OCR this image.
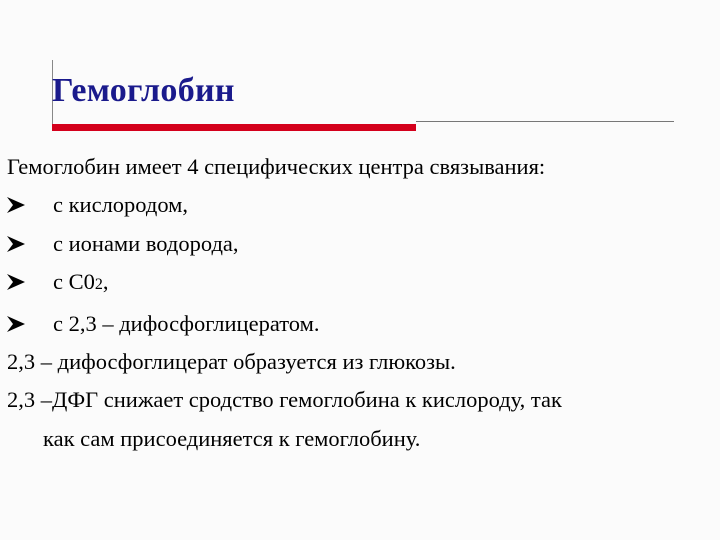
Гемоглобин
Гемоглобин имеет 4 специфических центра связывания:
с кислородом,
с ионами водорода,
с С02,
с 2,3 – дифосфоглицератом.
2,3 – дифосфоглицерат образуется из глюкозы.
2,3 –ДФГ снижает сродство гемоглобина к кислороду, так
как сам присоединяется к гемоглобину.
